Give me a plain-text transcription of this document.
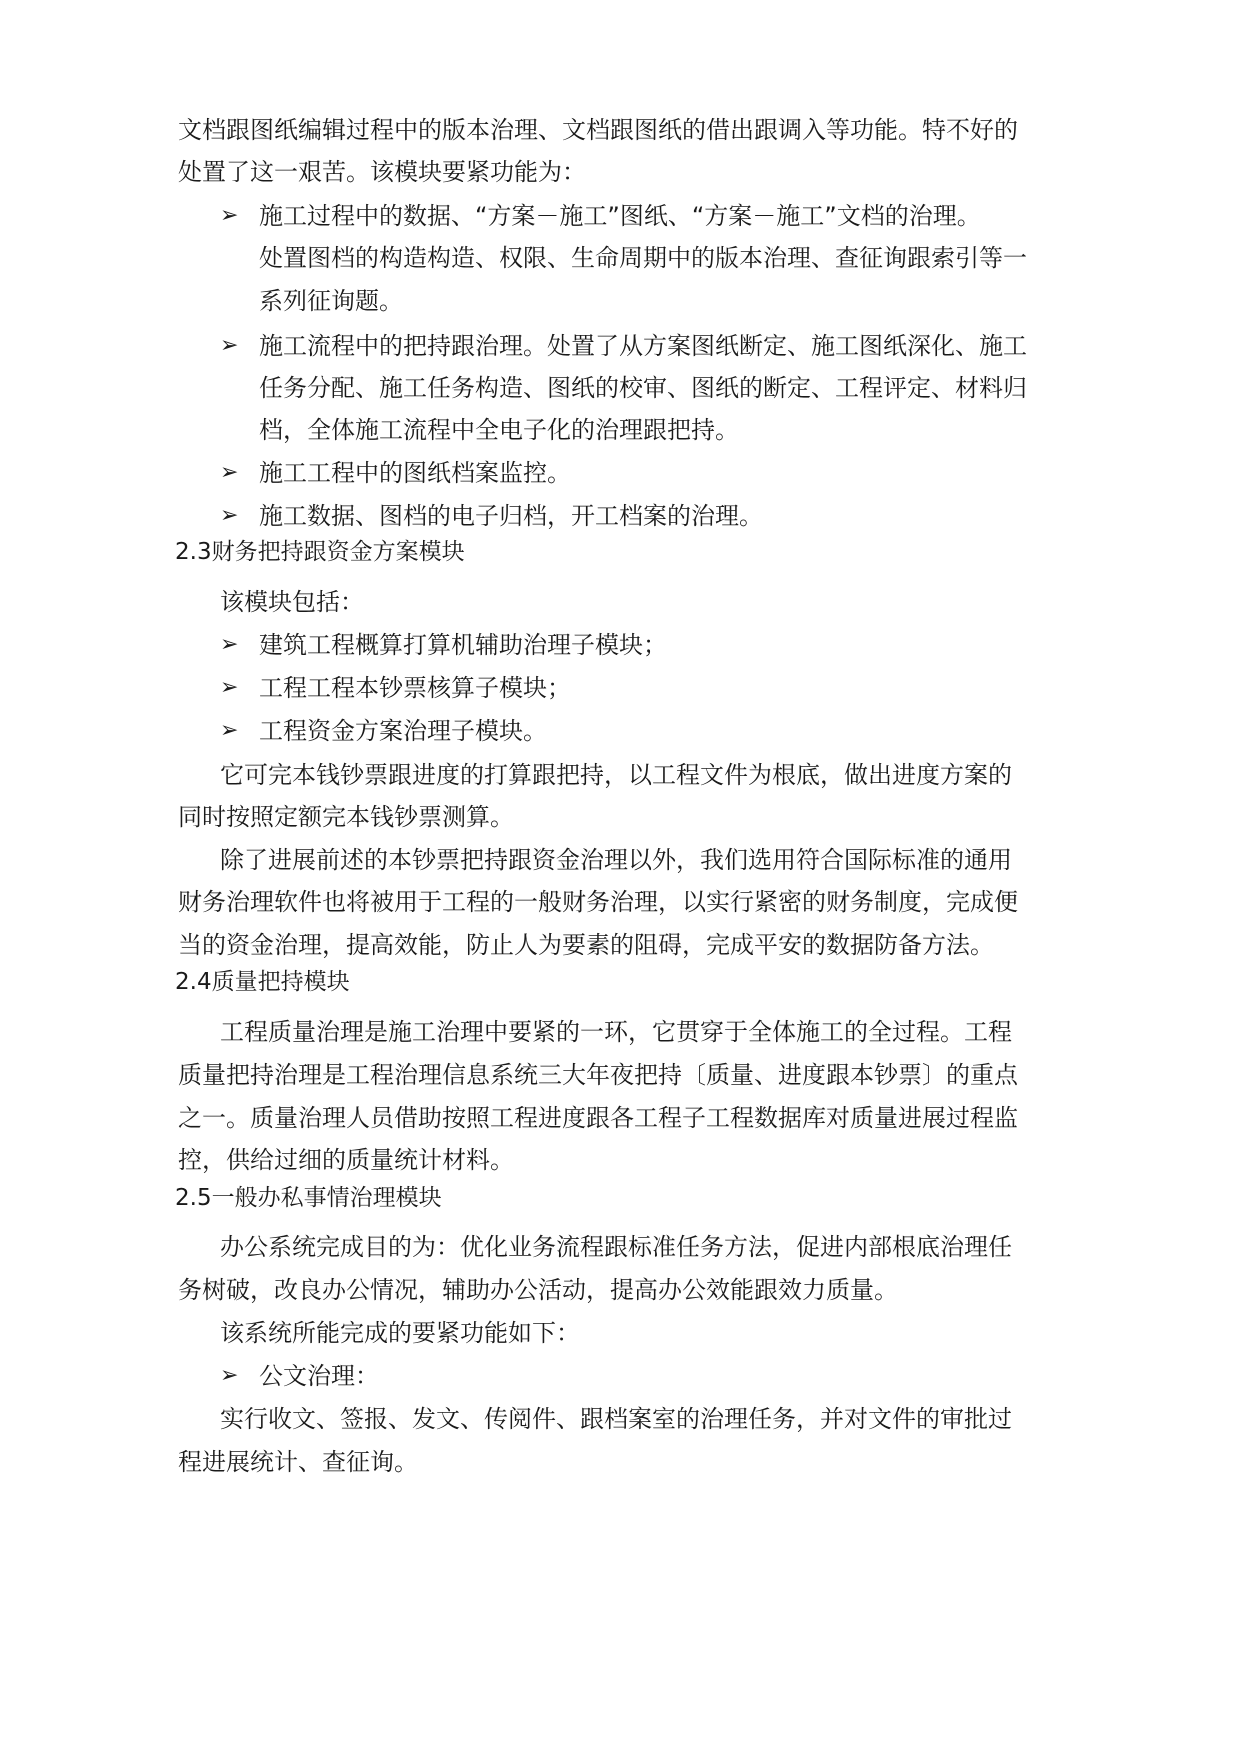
文档跟图纸编辑过程中的版本治理、文档跟图纸的借出跟调入等功能。特不好的
处置了这一艰苦。该模块要紧功能为：
➢ 施工过程中的数据、“方案－施工”图纸、“方案－施工”文档的治理。
处置图档的构造构造、权限、生命周期中的版本治理、查征询跟索引等一
系列征询题。
➢ 施工流程中的把持跟治理。处置了从方案图纸断定、施工图纸深化、施工
任务分配、施工任务构造、图纸的校审、图纸的断定、工程评定、材料归
档，全体施工流程中全电子化的治理跟把持。
➢ 施工工程中的图纸档案监控。
➢ 施工数据、图档的电子归档，开工档案的治理。
2.3财务把持跟资金方案模块
该模块包括：
➢ 建筑工程概算打算机辅助治理子模块；
➢ 工程工程本钞票核算子模块；
➢ 工程资金方案治理子模块。
它可完本钱钞票跟进度的打算跟把持，以工程文件为根底，做出进度方案的
同时按照定额完本钱钞票测算。
除了进展前述的本钞票把持跟资金治理以外，我们选用符合国际标准的通用
财务治理软件也将被用于工程的一般财务治理，以实行紧密的财务制度，完成便
当的资金治理，提高效能，防止人为要素的阻碍，完成平安的数据防备方法。
2.4质量把持模块
工程质量治理是施工治理中要紧的一环，它贯穿于全体施工的全过程。工程
质量把持治理是工程治理信息系统三大年夜把持〔质量、进度跟本钞票〕的重点
之一。质量治理人员借助按照工程进度跟各工程子工程数据库对质量进展过程监
控，供给过细的质量统计材料。
2.5一般办私事情治理模块
办公系统完成目的为：优化业务流程跟标准任务方法，促进内部根底治理任
务树破，改良办公情况，辅助办公活动，提高办公效能跟效力质量。
该系统所能完成的要紧功能如下：
➢ 公文治理：
实行收文、签报、发文、传阅件、跟档案室的治理任务，并对文件的审批过
程进展统计、查征询。
